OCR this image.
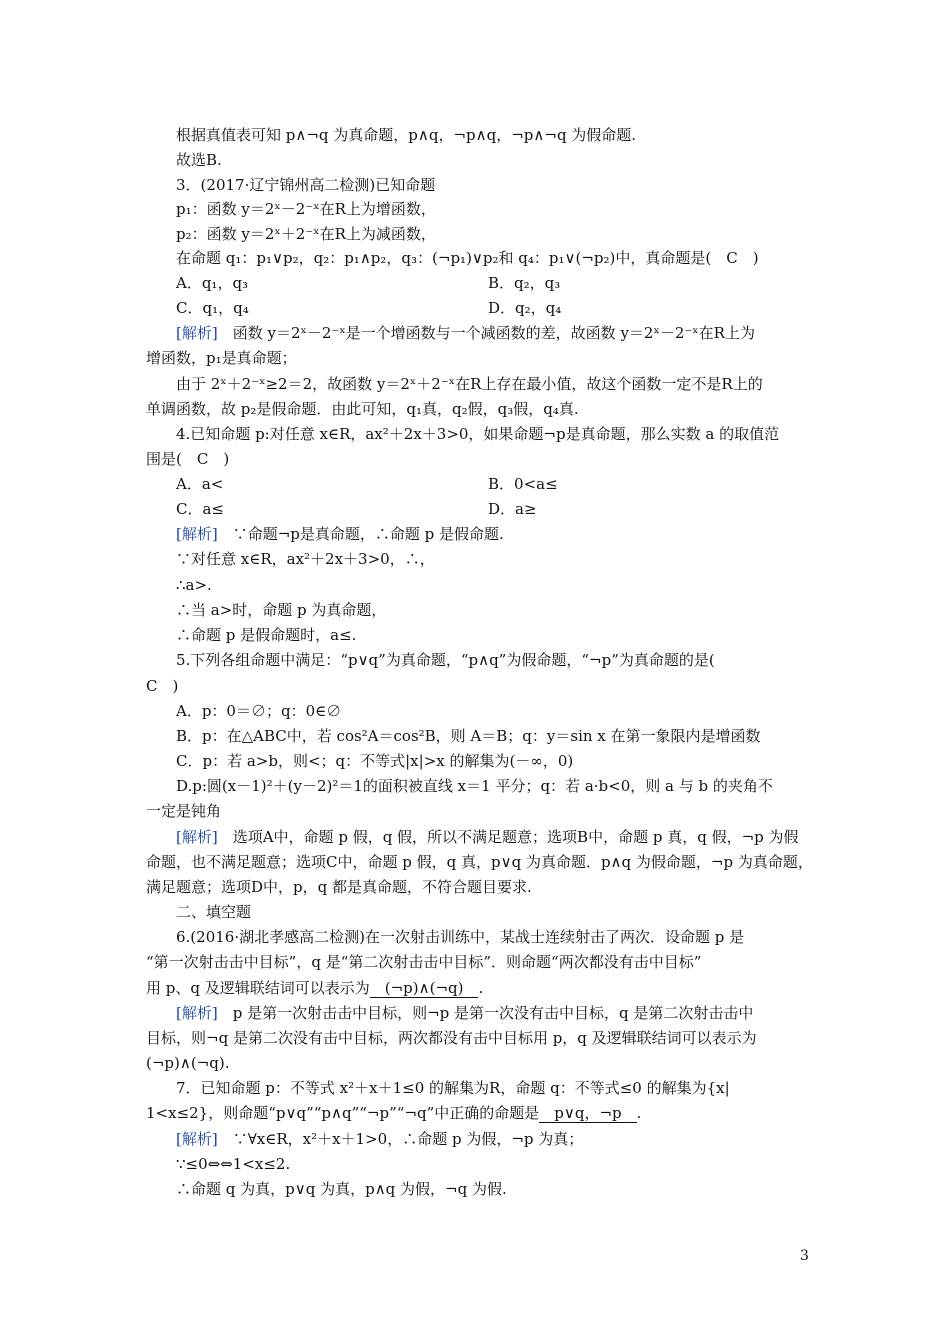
根据真值表可知 p∧¬q 为真命题，p∧q，¬p∧q，¬p∧¬q 为假命题.
故选B.
3．(2017·辽宁锦州高二检测)已知命题
p₁：函数 y＝2ˣ－2⁻ˣ在R上为增函数，
p₂：函数 y＝2ˣ＋2⁻ˣ在R上为减函数，
在命题 q₁：p₁∨p₂，q₂：p₁∧p₂，q₃：(¬p₁)∨p₂和 q₄：p₁∨(¬p₂)中，真命题是(　C　)
A．q₁，q₃	B．q₂，q₃
C．q₁，q₄	D．q₂，q₄
[解析]　函数 y＝2ˣ－2⁻ˣ是一个增函数与一个减函数的差，故函数 y＝2ˣ－2⁻ˣ在R上为
增函数，p₁是真命题；
由于 2ˣ＋2⁻ˣ≥2＝2，故函数 y＝2ˣ＋2⁻ˣ在R上存在最小值，故这个函数一定不是R上的
单调函数，故 p₂是假命题．由此可知，q₁真，q₂假，q₃假，q₄真.
4.已知命题 p:对任意 x∈R，ax²＋2x＋3>0，如果命题¬p是真命题，那么实数 a 的取值范
围是(　C　)
A．a<	B．0<a≤
C．a≤	D．a≥
[解析]　∵命题¬p是真命题，∴命题 p 是假命题.
∵对任意 x∈R，ax²＋2x＋3>0，∴，
∴a>.
∴当 a>时，命题 p 为真命题，
∴命题 p 是假命题时，a≤.
5.下列各组命题中满足：“p∨q”为真命题，“p∧q”为假命题，“¬p”为真命题的是(
C　)
A．p：0＝∅；q：0∈∅
B．p：在△ABC中，若 cos²A＝cos²B，则 A＝B；q：y＝sin x 在第一象限内是增函数
C．p：若 a>b，则<；q：不等式|x|>x 的解集为(－∞，0)
D.p:圆(x－1)²＋(y－2)²＝1的面积被直线 x＝1 平分；q：若 a·b<0，则 a 与 b 的夹角不
一定是钝角
[解析]　选项A中，命题 p 假，q 假，所以不满足题意；选项B中，命题 p 真，q 假，¬p 为假
命题，也不满足题意；选项C中，命题 p 假，q 真，p∨q 为真命题．p∧q 为假命题，¬p 为真命题，
满足题意；选项D中，p，q 都是真命题，不符合题目要求.
二、填空题
6.(2016·湖北孝感高二检测)在一次射击训练中，某战士连续射击了两次．设命题 p 是
“第一次射击击中目标”，q 是“第二次射击击中目标”．则命题“两次都没有击中目标”
用 p、q 及逻辑联结词可以表示为　(¬p)∧(¬q)　.
[解析]　p 是第一次射击击中目标，则¬p 是第一次没有击中目标，q 是第二次射击击中
目标，则¬q 是第二次没有击中目标，两次都没有击中目标用 p，q 及逻辑联结词可以表示为
(¬p)∧(¬q).
7．已知命题 p：不等式 x²＋x＋1≤0 的解集为R，命题 q：不等式≤0 的解集为{x|
1<x≤2}，则命题“p∨q”“p∧q”“¬p”“¬q”中正确的命题是　p∨q，¬p　.
[解析]　∵∀x∈R，x²＋x＋1>0，∴命题 p 为假，¬p 为真；
∵≤0⇔⇔1<x≤2.
∴命题 q 为真，p∨q 为真，p∧q 为假，¬q 为假.
3
